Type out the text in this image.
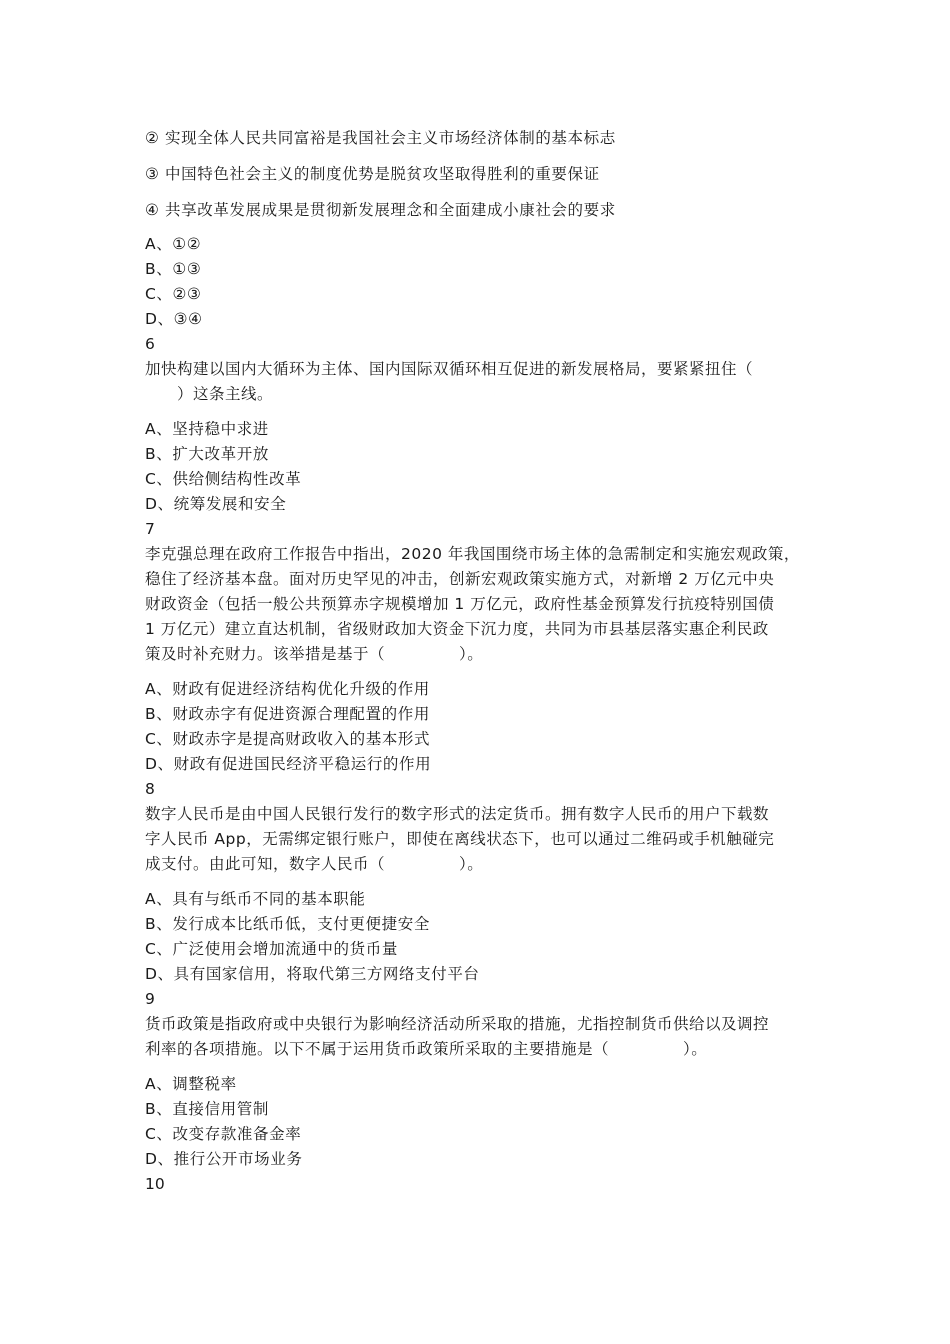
② 实现全体人民共同富裕是我国社会主义市场经济体制的基本标志
③ 中国特色社会主义的制度优势是脱贫攻坚取得胜利的重要保证
④ 共享改革发展成果是贯彻新发展理念和全面建成小康社会的要求
A、①②
B、①③
C、②③
D、③④
6
加快构建以国内大循环为主体、国内国际双循环相互促进的新发展格局，要紧紧扭住（
）这条主线。
A、坚持稳中求进
B、扩大改革开放
C、供给侧结构性改革
D、统筹发展和安全
7
李克强总理在政府工作报告中指出，2020 年我国围绕市场主体的急需制定和实施宏观政策，
稳住了经济基本盘。面对历史罕见的冲击，创新宏观政策实施方式，对新增 2 万亿元中央
财政资金（包括一般公共预算赤字规模增加 1 万亿元，政府性基金预算发行抗疫特别国债
1 万亿元）建立直达机制，省级财政加大资金下沉力度，共同为市县基层落实惠企利民政
策及时补充财力。该举措是基于（	）。
A、财政有促进经济结构优化升级的作用
B、财政赤字有促进资源合理配置的作用
C、财政赤字是提高财政收入的基本形式
D、财政有促进国民经济平稳运行的作用
8
数字人民币是由中国人民银行发行的数字形式的法定货币。拥有数字人民币的用户下载数
字人民币 App，无需绑定银行账户，即使在离线状态下，也可以通过二维码或手机触碰完
成支付。由此可知，数字人民币（	）。
A、具有与纸币不同的基本职能
B、发行成本比纸币低，支付更便捷安全
C、广泛使用会增加流通中的货币量
D、具有国家信用，将取代第三方网络支付平台
9
货币政策是指政府或中央银行为影响经济活动所采取的措施，尤指控制货币供给以及调控
利率的各项措施。以下不属于运用货币政策所采取的主要措施是（	）。
A、调整税率
B、直接信用管制
C、改变存款准备金率
D、推行公开市场业务
10
